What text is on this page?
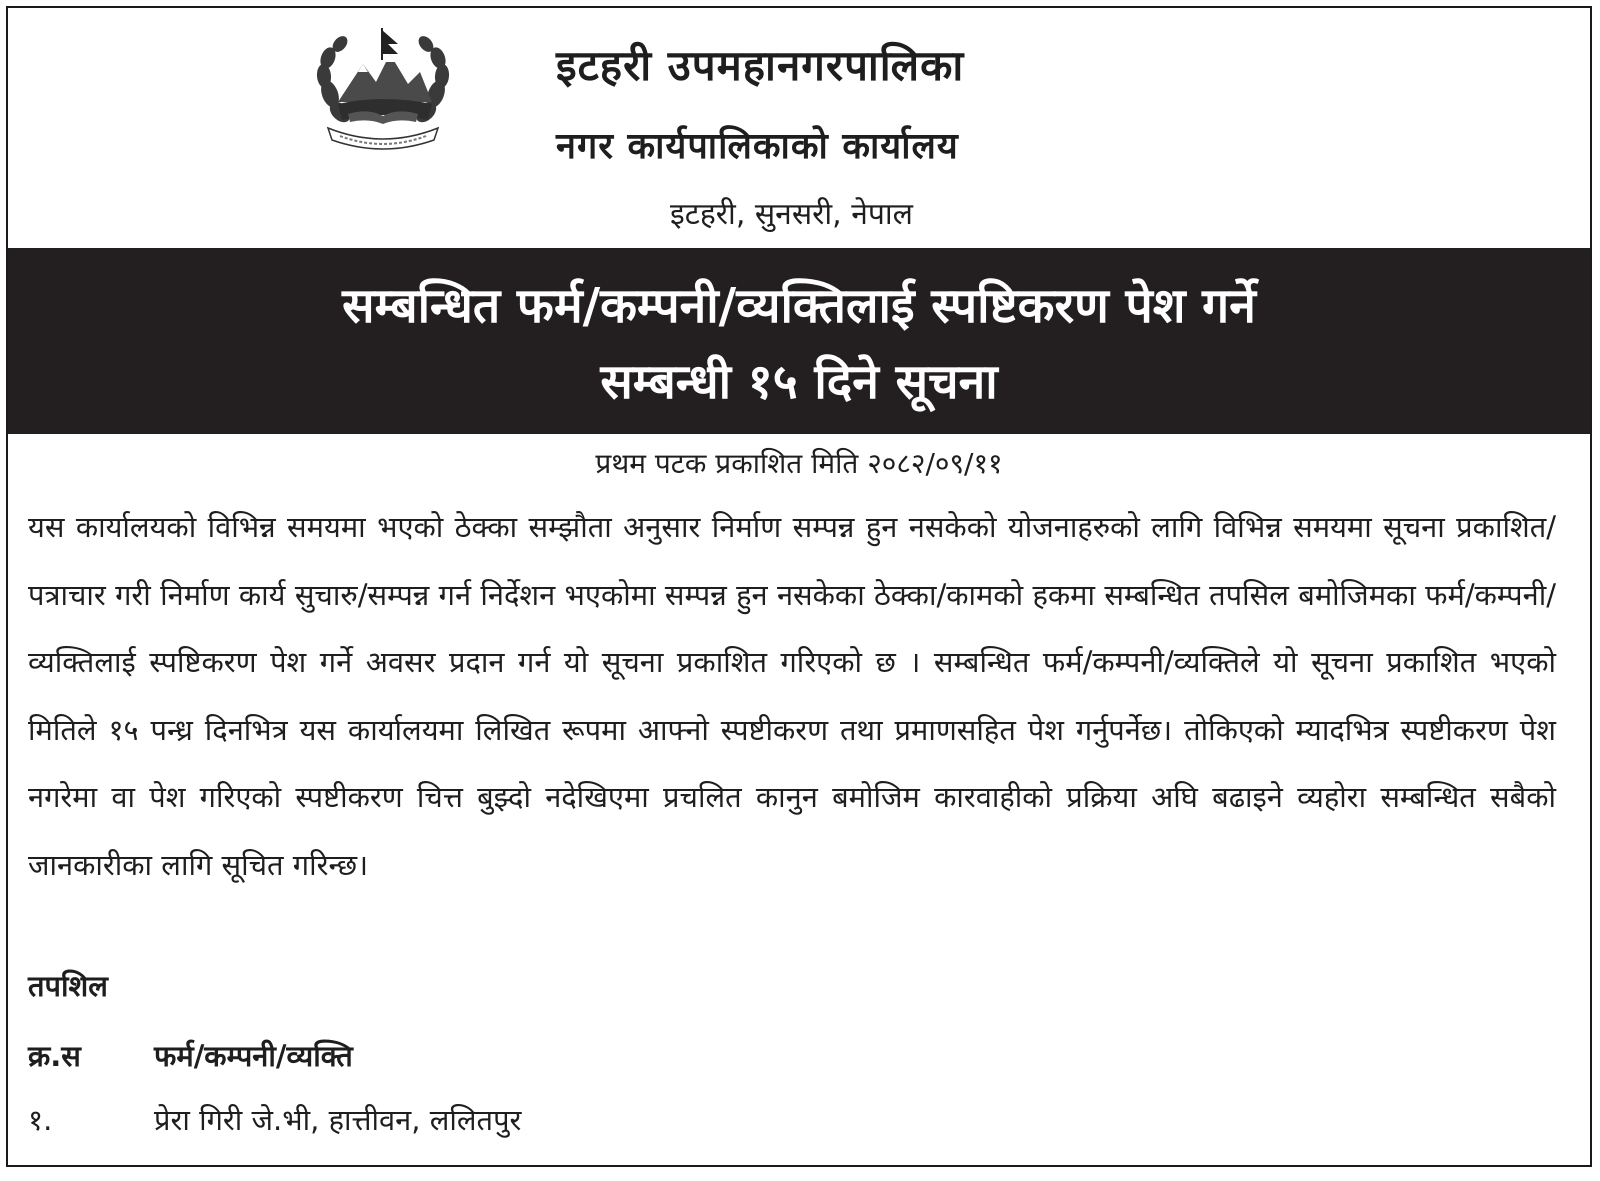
इटहरी उपमहानगरपालिका
नगर कार्यपालिकाको कार्यालय
इटहरी, सुनसरी, नेपाल
सम्बन्धित फर्म/कम्पनी/व्यक्तिलाई स्पष्टिकरण पेश गर्ने
सम्बन्धी १५ दिने सूचना
प्रथम पटक प्रकाशित मिति २०८२/०९/११
यस कार्यालयको विभिन्न समयमा भएको ठेक्का सम्झौता अनुसार निर्माण सम्पन्न हुन नसकेको योजनाहरुको लागि विभिन्न समयमा सूचना प्रकाशित/पत्राचार गरी निर्माण कार्य सुचारु/सम्पन्न गर्न निर्देशन भएकोमा सम्पन्न हुन नसकेका ठेक्का/कामको हकमा सम्बन्धित तपसिल बमोजिमका फर्म/कम्पनी/व्यक्तिलाई स्पष्टिकरण पेश गर्ने अवसर प्रदान गर्न यो सूचना प्रकाशित गरिएको छ । सम्बन्धित फर्म/कम्पनी/व्यक्तिले यो सूचना प्रकाशित भएको मितिले १५ पन्ध्र दिनभित्र यस कार्यालयमा लिखित रूपमा आफ्नो स्पष्टीकरण तथा प्रमाणसहित पेश गर्नुपर्नेछ। तोकिएको म्यादभित्र स्पष्टीकरण पेश नगरेमा वा पेश गरिएको स्पष्टीकरण चित्त बुझ्दो नदेखिएमा प्रचलित कानुन बमोजिम कारवाहीको प्रक्रिया अघि बढाइने व्यहोरा सम्बन्धित सबैको जानकारीका लागि सूचित गरिन्छ।
तपशिल
क्र.स	फर्म/कम्पनी/व्यक्ति
१.	प्रेरा गिरी जे.भी, हात्तीवन, ललितपुर
